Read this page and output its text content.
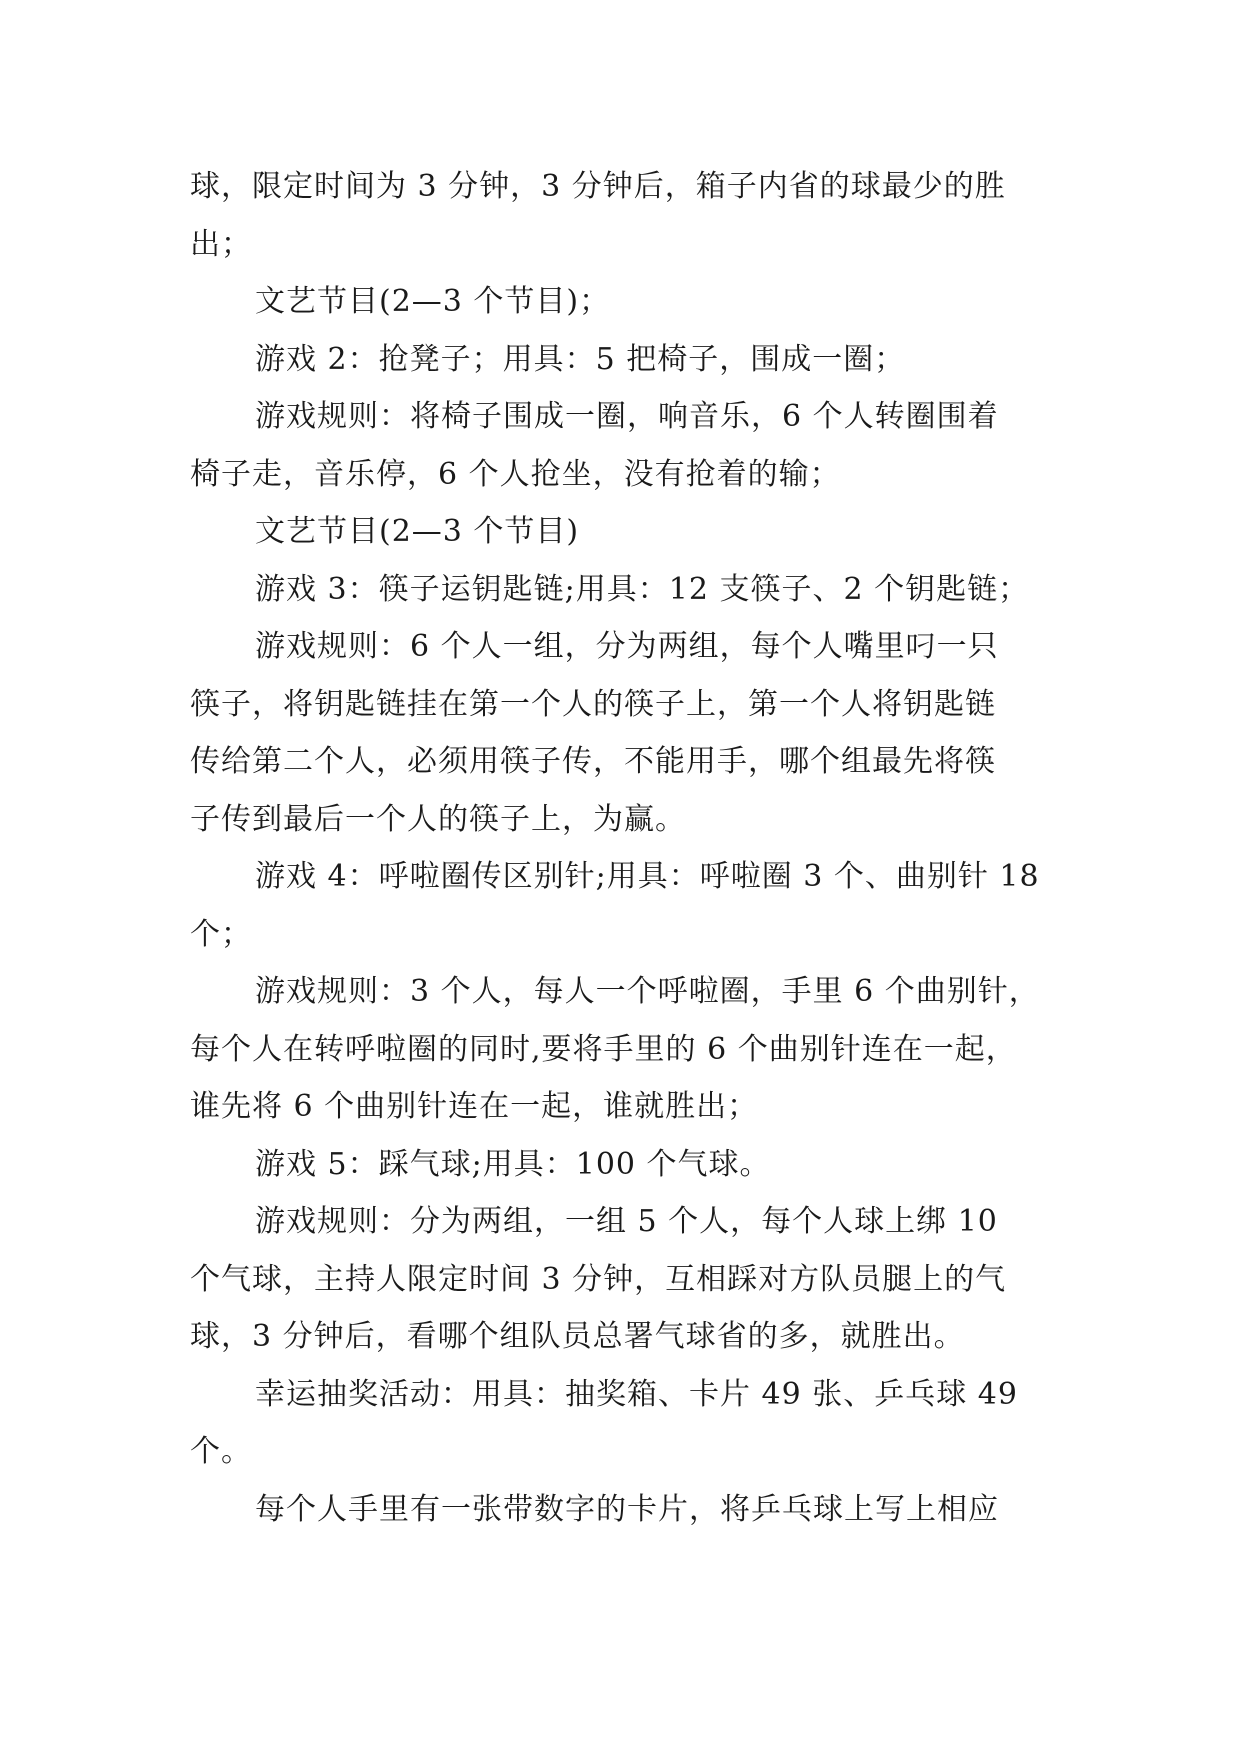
球，限定时间为 3 分钟，3 分钟后，箱子内省的球最少的胜

出；

文艺节目(2—3 个节目)；

游戏 2：抢凳子；用具：5 把椅子，围成一圈；

游戏规则：将椅子围成一圈，响音乐，6 个人转圈围着

椅子走，音乐停，6 个人抢坐，没有抢着的输；

文艺节目(2—3 个节目)

游戏 3：筷子运钥匙链;用具：12 支筷子、2 个钥匙链；

游戏规则：6 个人一组，分为两组，每个人嘴里叼一只

筷子，将钥匙链挂在第一个人的筷子上，第一个人将钥匙链

传给第二个人，必须用筷子传，不能用手，哪个组最先将筷

子传到最后一个人的筷子上，为赢。

游戏 4：呼啦圈传区别针;用具：呼啦圈 3 个、曲别针 18

个；

游戏规则：3 个人，每人一个呼啦圈，手里 6 个曲别针，

每个人在转呼啦圈的同时,要将手里的 6 个曲别针连在一起，

谁先将 6 个曲别针连在一起，谁就胜出；

游戏 5：踩气球;用具：100 个气球。

游戏规则：分为两组，一组 5 个人，每个人球上绑 10

个气球，主持人限定时间 3 分钟，互相踩对方队员腿上的气

球，3 分钟后，看哪个组队员总署气球省的多，就胜出。

幸运抽奖活动：用具：抽奖箱、卡片 49 张、乒乓球 49

个。

每个人手里有一张带数字的卡片，将乒乓球上写上相应
